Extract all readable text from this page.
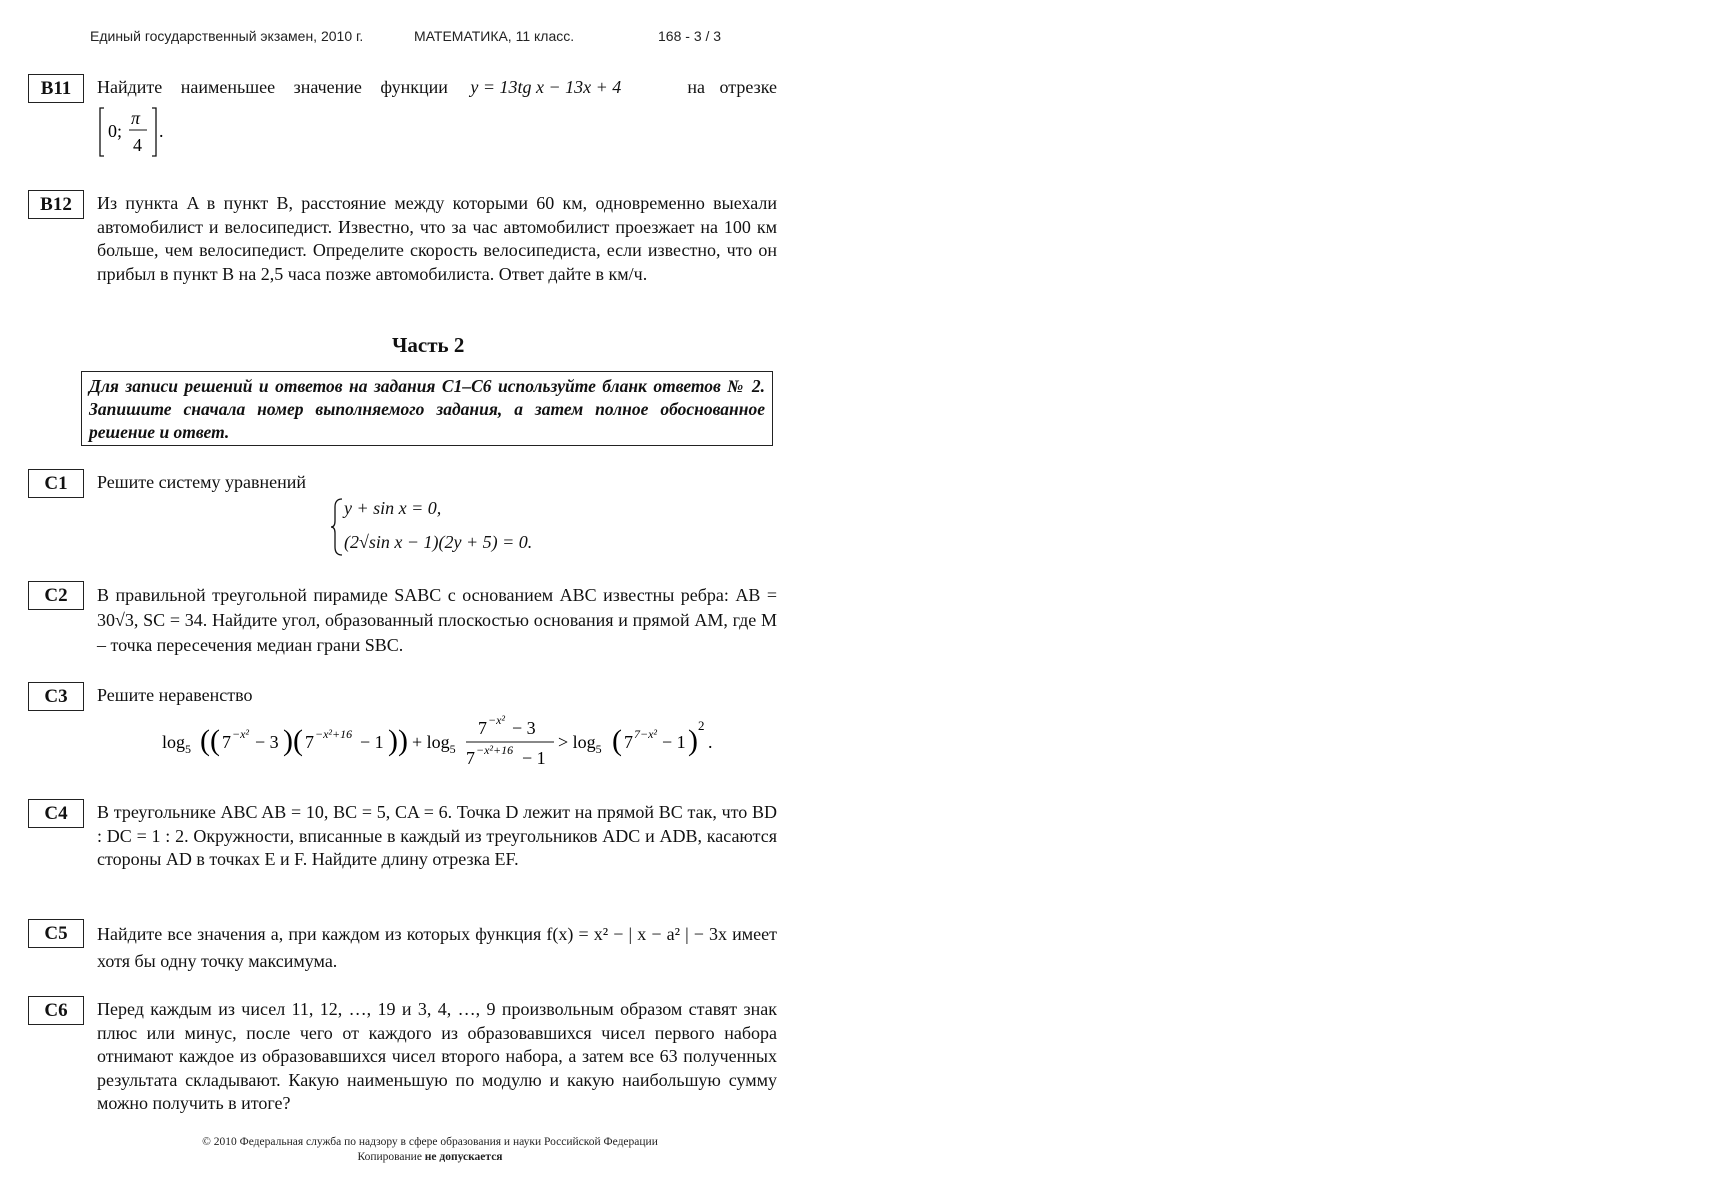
Единый государственный экзамен, 2010 г.	МАТЕМАТИКА, 11 класс.	168 - 3 / 3
B11	Найдите наименьшее значение функции y = 13tg x − 13x + 4	на отрезке
0;
π
4
.
B12	Из пункта A в пункт B, расстояние между которыми 60 км, одновременно выехали автомобилист и велосипедист. Известно, что за час автомобилист проезжает на 100 км больше, чем велосипедист. Определите скорость велосипедиста, если известно, что он прибыл в пункт B на 2,5 часа позже автомобилиста. Ответ дайте в км/ч.
Часть 2
Для записи решений и ответов на задания С1–С6 используйте бланк ответов № 2. Запишите сначала номер выполняемого задания, а затем полное обоснованное решение и ответ.
C1	Решите систему уравнений
y + sin x = 0,
(2√sin x − 1)(2y + 5) = 0.
C2	В правильной треугольной пирамиде SABC с основанием ABC известны ребра: AB = 30√3, SC = 34. Найдите угол, образованный плоскостью основания и прямой AM, где M – точка пересечения медиан грани SBC.
C3	Решите неравенство
$\log_5$ ( ( 7 −x² − 3 ) ( 7 −x²+16 − 1 ) ) + $\log_5$
7 −x² − 3
7 −x²+16 − 1
> $\log_5$ ( 7 7−x² − 1 ) 2
.
C4	В треугольнике ABC AB = 10, BC = 5, CA = 6. Точка D лежит на прямой BC так, что BD : DC = 1 : 2. Окружности, вписанные в каждый из треугольников ADC и ADB, касаются стороны AD в точках E и F. Найдите длину отрезка EF.
C5	Найдите все значения a, при каждом из которых функция f(x) = x² − | x − a² | − 3x имеет хотя бы одну точку максимума.
C6	Перед каждым из чисел 11, 12, …, 19 и 3, 4, …, 9 произвольным образом ставят знак плюс или минус, после чего от каждого из образовавшихся чисел первого набора отнимают каждое из образовавшихся чисел второго набора, а затем все 63 полученных результата складывают. Какую наименьшую по модулю и какую наибольшую сумму можно получить в итоге?
© 2010 Федеральная служба по надзору в сфере образования и науки Российской Федерации
Копирование не допускается
